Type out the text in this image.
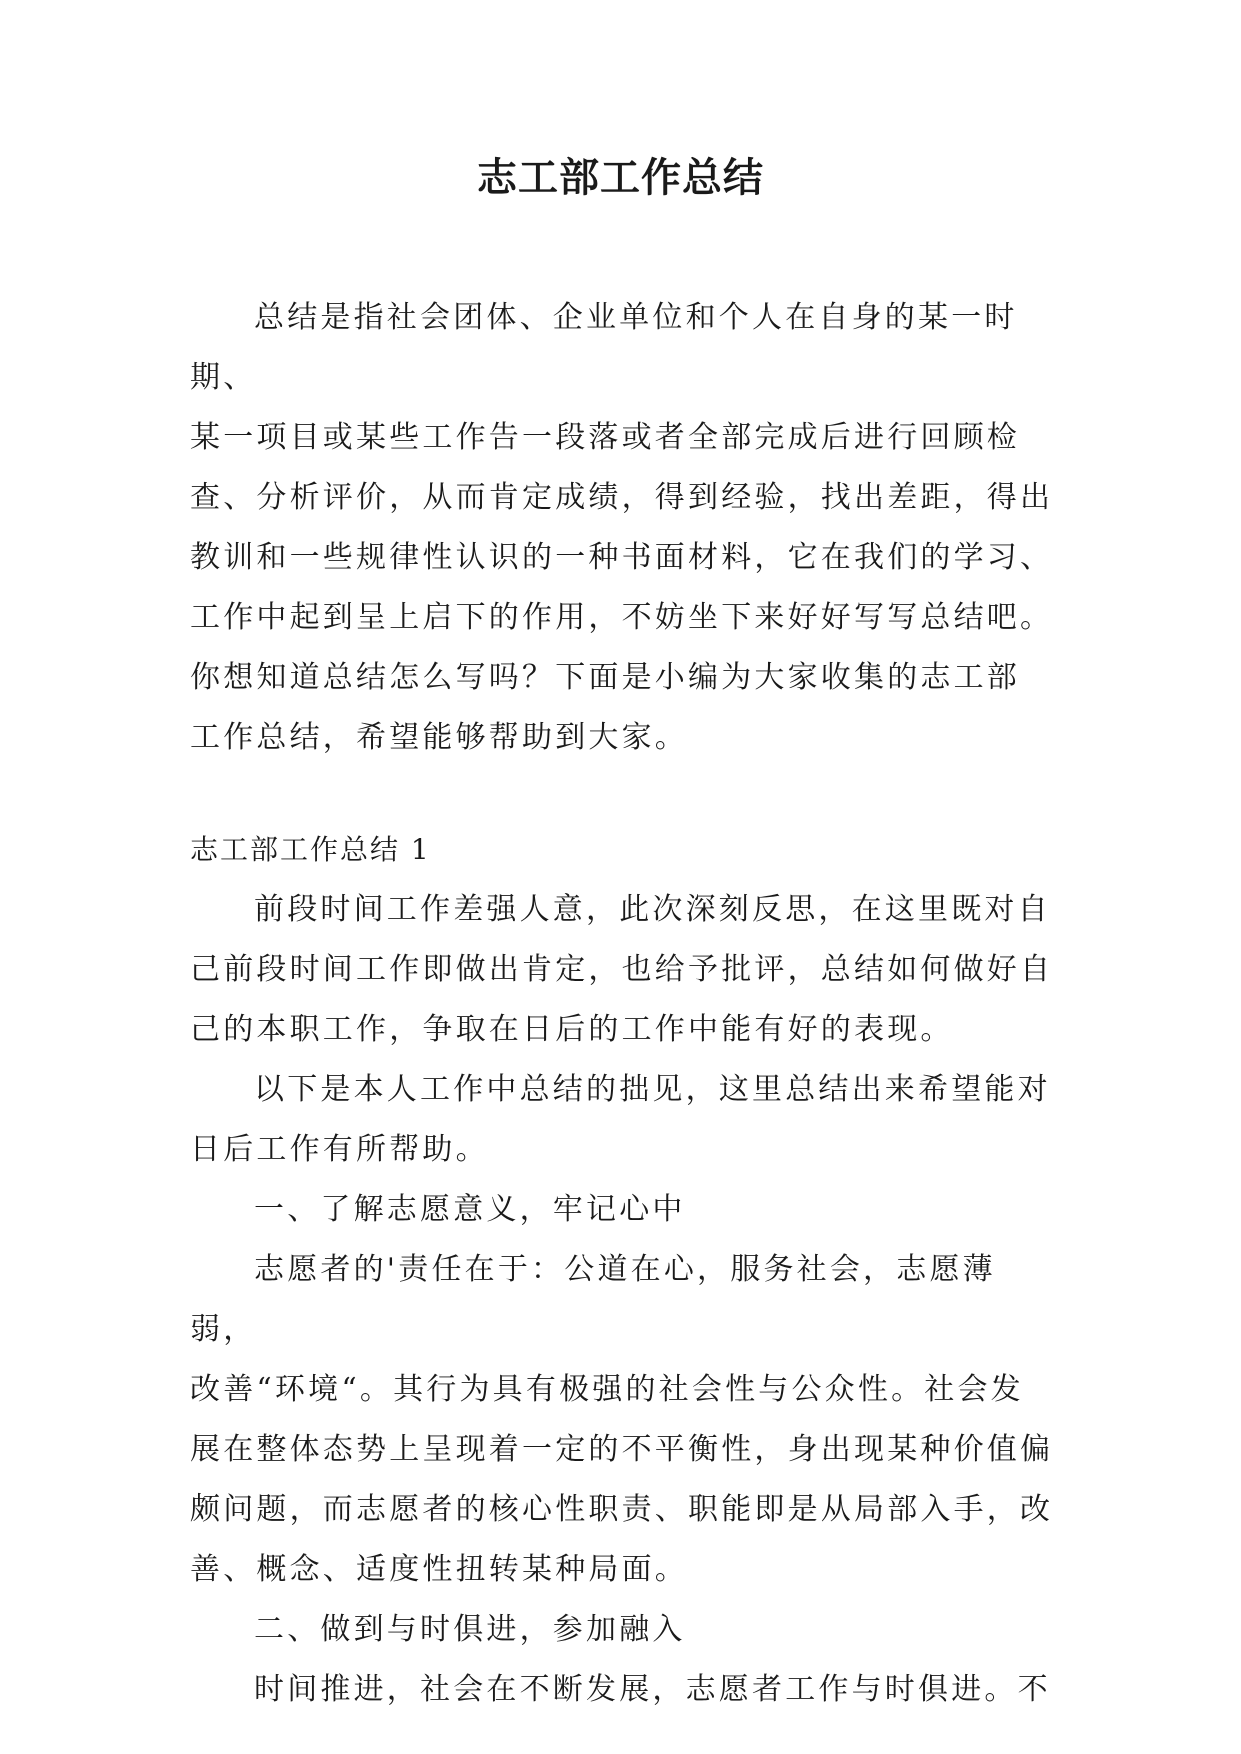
志工部工作总结

总结是指社会团体、企业单位和个人在自身的某一时期、
某一项目或某些工作告一段落或者全部完成后进行回顾检
查、分析评价，从而肯定成绩，得到经验，找出差距，得出
教训和一些规律性认识的一种书面材料，它在我们的学习、
工作中起到呈上启下的作用，不妨坐下来好好写写总结吧。
你想知道总结怎么写吗？下面是小编为大家收集的志工部
工作总结，希望能够帮助到大家。

志工部工作总结 1

前段时间工作差强人意，此次深刻反思，在这里既对自
己前段时间工作即做出肯定，也给予批评，总结如何做好自
己的本职工作，争取在日后的工作中能有好的表现。

以下是本人工作中总结的拙见，这里总结出来希望能对
日后工作有所帮助。

一、了解志愿意义，牢记心中

志愿者的'责任在于：公道在心，服务社会，志愿薄弱，
改善“环境“。其行为具有极强的社会性与公众性。社会发
展在整体态势上呈现着一定的不平衡性，身出现某种价值偏
颇问题，而志愿者的核心性职责、职能即是从局部入手，改
善、概念、适度性扭转某种局面。

二、做到与时俱进，参加融入

时间推进，社会在不断发展，志愿者工作与时俱进。不
